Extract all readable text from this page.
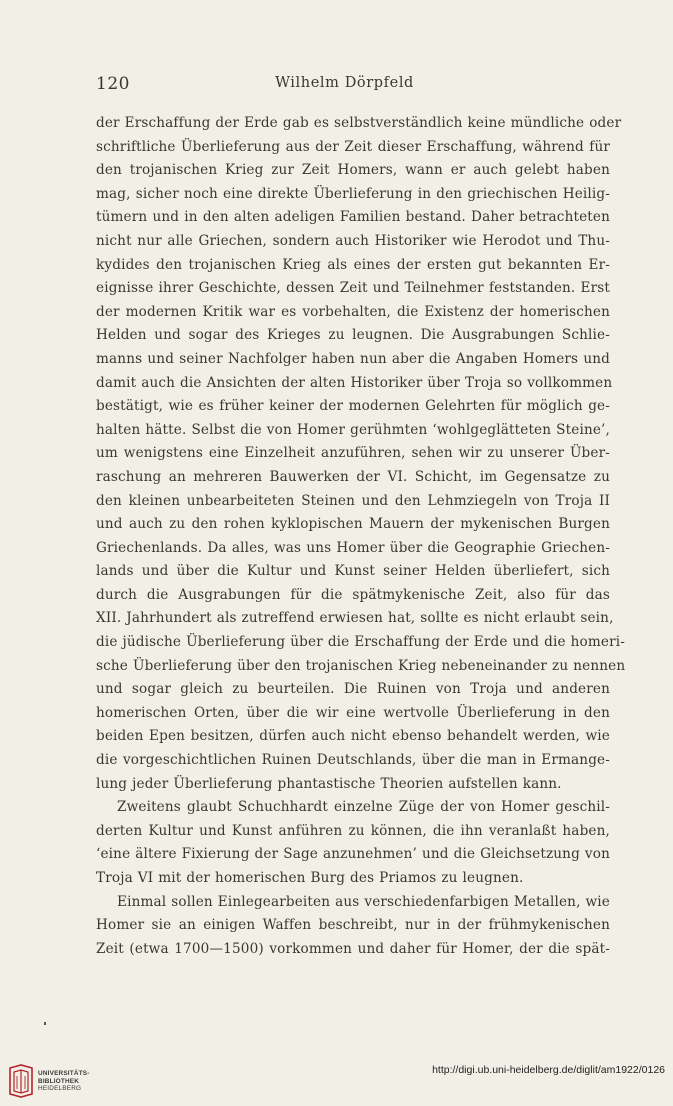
120	Wilhelm Dörpfeld
der Erschaffung der Erde gab es selbstverständlich keine mündliche oder
schriftliche Überlieferung aus der Zeit dieser Erschaffung, während für
den trojanischen Krieg zur Zeit Homers, wann er auch gelebt haben
mag, sicher noch eine direkte Überlieferung in den griechischen Heilig-
tümern und in den alten adeligen Familien bestand. Daher betrachteten
nicht nur alle Griechen, sondern auch Historiker wie Herodot und Thu-
kydides den trojanischen Krieg als eines der ersten gut bekannten Er-
eignisse ihrer Geschichte, dessen Zeit und Teilnehmer feststanden. Erst
der modernen Kritik war es vorbehalten, die Existenz der homerischen
Helden und sogar des Krieges zu leugnen. Die Ausgrabungen Schlie-
manns und seiner Nachfolger haben nun aber die Angaben Homers und
damit auch die Ansichten der alten Historiker über Troja so vollkommen
bestätigt, wie es früher keiner der modernen Gelehrten für möglich ge-
halten hätte. Selbst die von Homer gerühmten ‘wohlgeglätteten Steine’,
um wenigstens eine Einzelheit anzuführen, sehen wir zu unserer Über-
raschung an mehreren Bauwerken der VI. Schicht, im Gegensatze zu
den kleinen unbearbeiteten Steinen und den Lehmziegeln von Troja II
und auch zu den rohen kyklopischen Mauern der mykenischen Burgen
Griechenlands. Da alles, was uns Homer über die Geographie Griechen-
lands und über die Kultur und Kunst seiner Helden überliefert, sich
durch die Ausgrabungen für die spätmykenische Zeit, also für das
XII. Jahrhundert als zutreffend erwiesen hat, sollte es nicht erlaubt sein,
die jüdische Überlieferung über die Erschaffung der Erde und die homeri-
sche Überlieferung über den trojanischen Krieg nebeneinander zu nennen
und sogar gleich zu beurteilen. Die Ruinen von Troja und anderen
homerischen Orten, über die wir eine wertvolle Überlieferung in den
beiden Epen besitzen, dürfen auch nicht ebenso behandelt werden, wie
die vorgeschichtlichen Ruinen Deutschlands, über die man in Ermange-
lung jeder Überlieferung phantastische Theorien aufstellen kann.
Zweitens glaubt Schuchhardt einzelne Züge der von Homer geschil-
derten Kultur und Kunst anführen zu können, die ihn veranlaßt haben,
‘eine ältere Fixierung der Sage anzunehmen’ und die Gleichsetzung von
Troja VI mit der homerischen Burg des Priamos zu leugnen.
Einmal sollen Einlegearbeiten aus verschiedenfarbigen Metallen, wie
Homer sie an einigen Waffen beschreibt, nur in der frühmykenischen
Zeit (etwa 1700—1500) vorkommen und daher für Homer, der die spät-
UNIVERSITÄTS-
BIBLIOTHEK
HEIDELBERG
http://digi.ub.uni-heidelberg.de/diglit/am1922/0126
